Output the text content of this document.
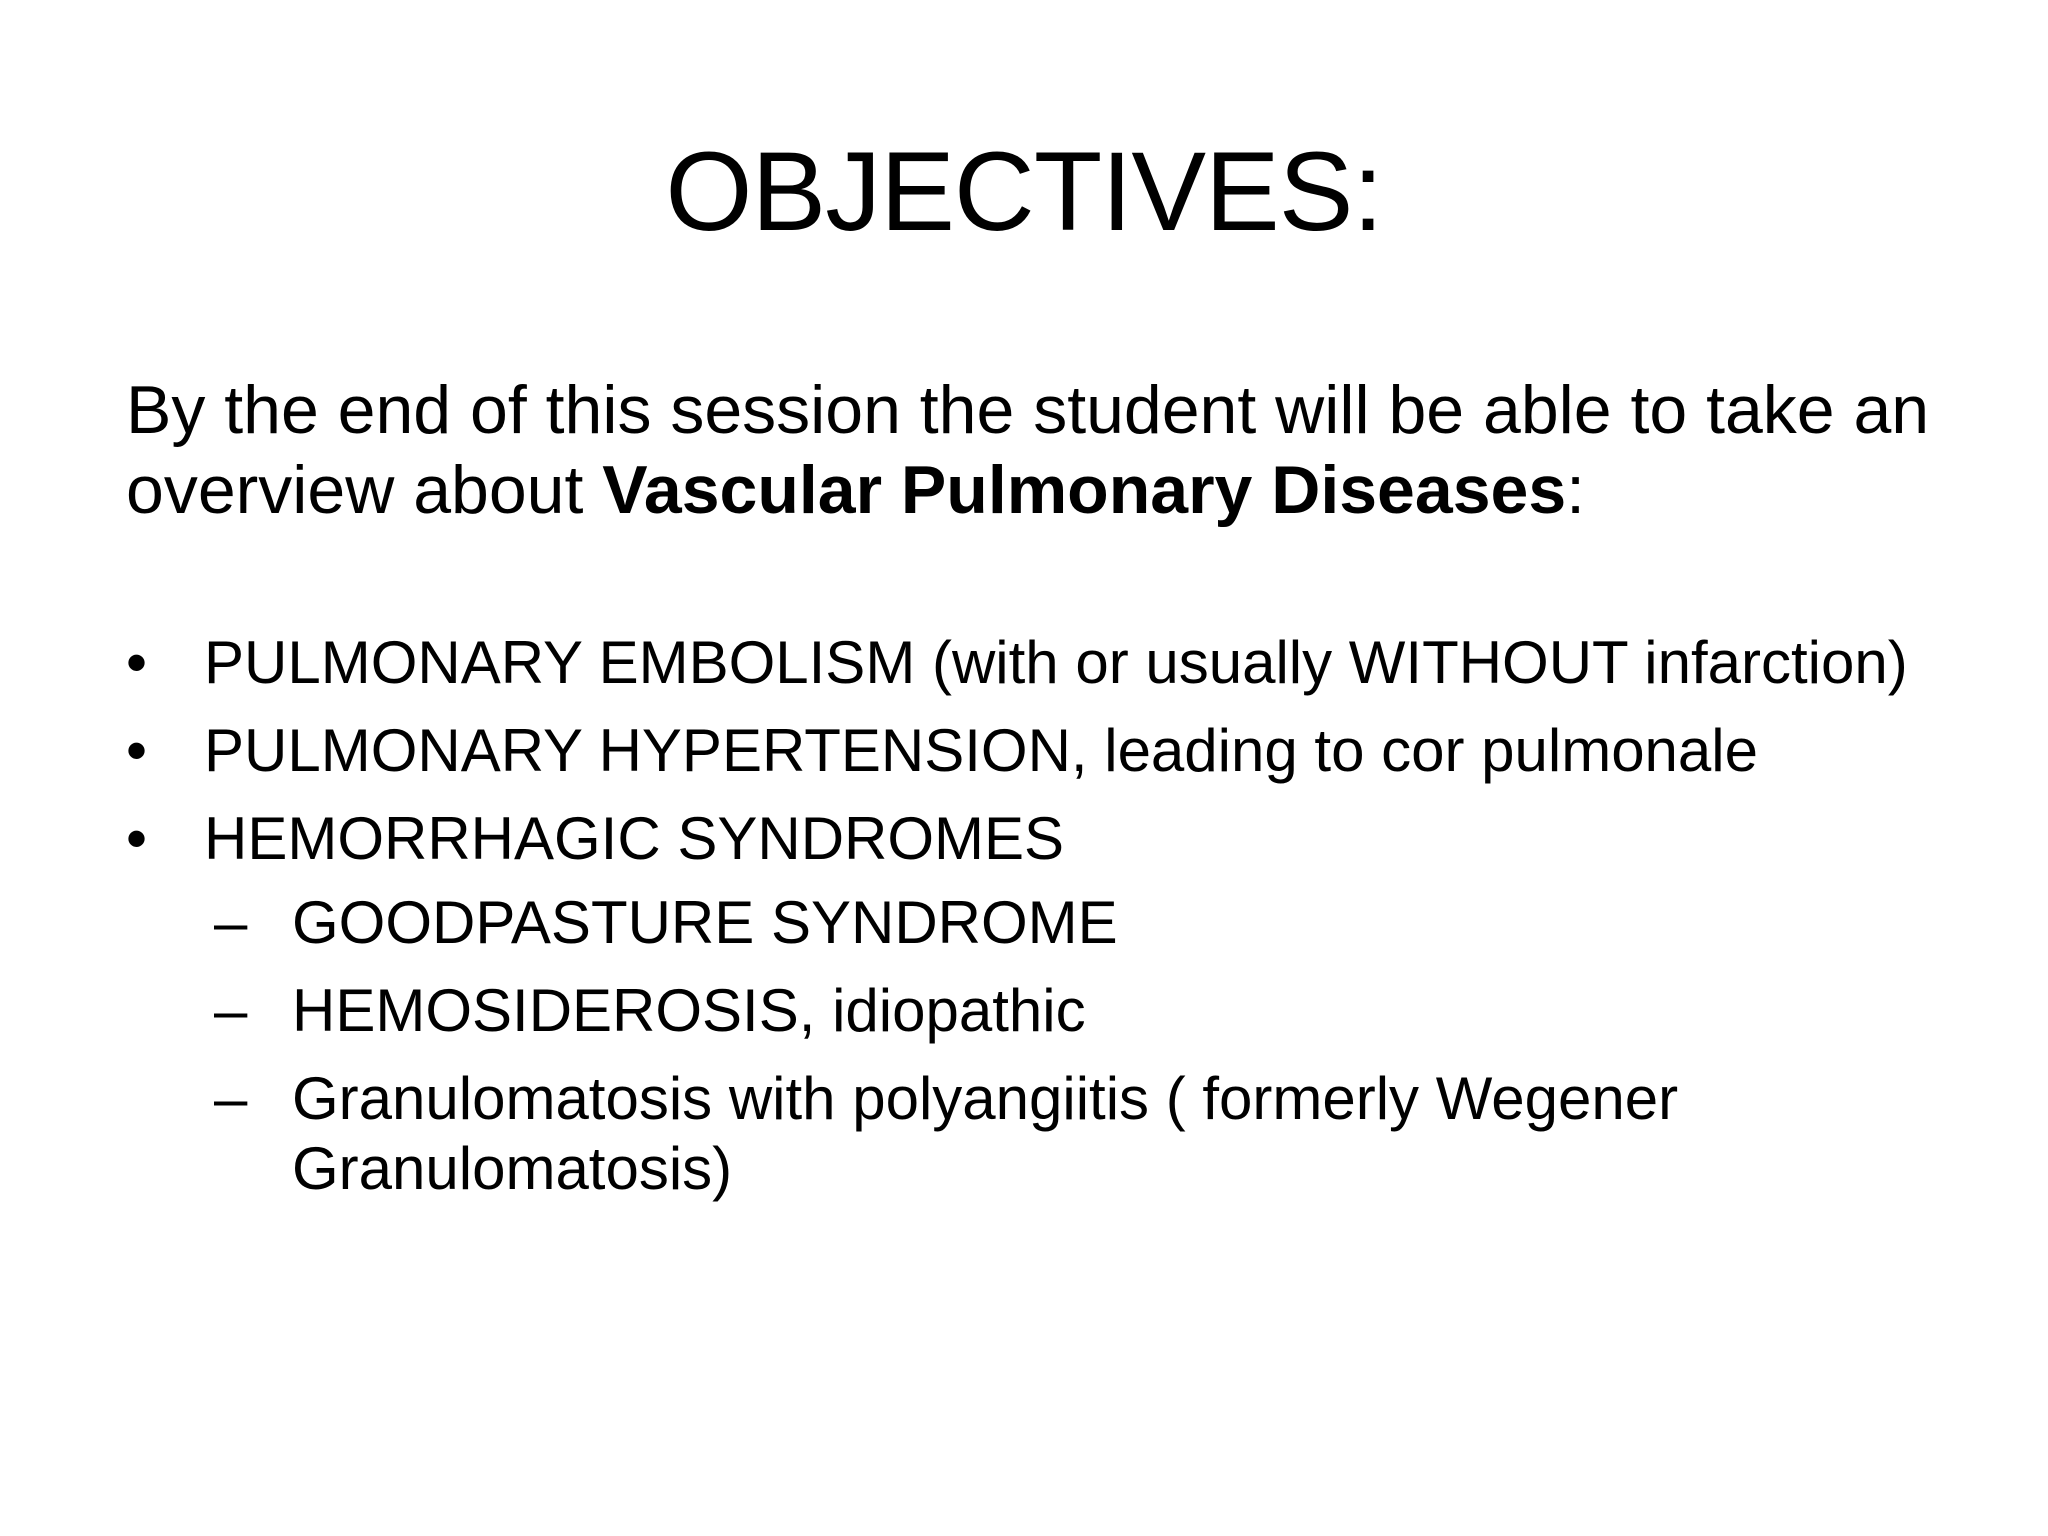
OBJECTIVES:
By the end of this session the student will be able to take an overview about Vascular Pulmonary Diseases:
• PULMONARY EMBOLISM (with or usually WITHOUT infarction)
• PULMONARY HYPERTENSION, leading to cor pulmonale
• HEMORRHAGIC SYNDROMES
– GOODPASTURE SYNDROME
– HEMOSIDEROSIS, idiopathic
– Granulomatosis with polyangiitis ( formerly Wegener Granulomatosis)
